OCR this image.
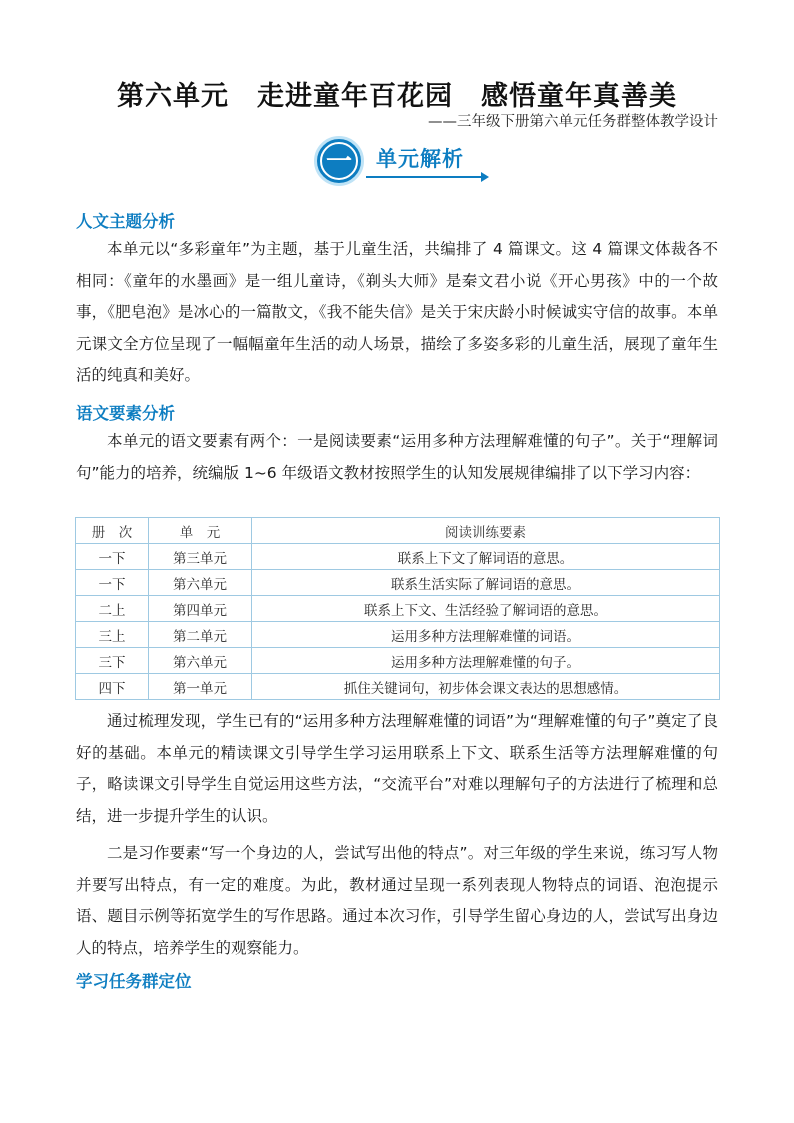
第六单元 走进童年百花园 感悟童年真善美
——三年级下册第六单元任务群整体教学设计
一 单元解析
人文主题分析
本单元以“多彩童年”为主题，基于儿童生活，共编排了 4 篇课文。这 4 篇课文体裁各不相同：《童年的水墨画》是一组儿童诗，《剃头大师》是秦文君小说《开心男孩》中的一个故事，《肥皂泡》是冰心的一篇散文，《我不能失信》是关于宋庆龄小时候诚实守信的故事。本单元课文全方位呈现了一幅幅童年生活的动人场景，描绘了多姿多彩的儿童生活，展现了童年生活的纯真和美好。
语文要素分析
本单元的语文要素有两个：一是阅读要素“运用多种方法理解难懂的句子”。关于“理解词句”能力的培养，统编版 1~6 年级语文教材按照学生的认知发展规律编排了以下学习内容：
册　次	单　元	阅读训练要素
一下	第三单元	联系上下文了解词语的意思。
一下	第六单元	联系生活实际了解词语的意思。
二上	第四单元	联系上下文、生活经验了解词语的意思。
三上	第二单元	运用多种方法理解难懂的词语。
三下	第六单元	运用多种方法理解难懂的句子。
四下	第一单元	抓住关键词句，初步体会课文表达的思想感情。
通过梳理发现，学生已有的“运用多种方法理解难懂的词语”为“理解难懂的句子”奠定了良好的基础。本单元的精读课文引导学生学习运用联系上下文、联系生活等方法理解难懂的句子，略读课文引导学生自觉运用这些方法，“交流平台”对难以理解句子的方法进行了梳理和总结，进一步提升学生的认识。
二是习作要素“写一个身边的人，尝试写出他的特点”。对三年级的学生来说，练习写人物并要写出特点，有一定的难度。为此，教材通过呈现一系列表现人物特点的词语、泡泡提示语、题目示例等拓宽学生的写作思路。通过本次习作，引导学生留心身边的人，尝试写出身边人的特点，培养学生的观察能力。
学习任务群定位
